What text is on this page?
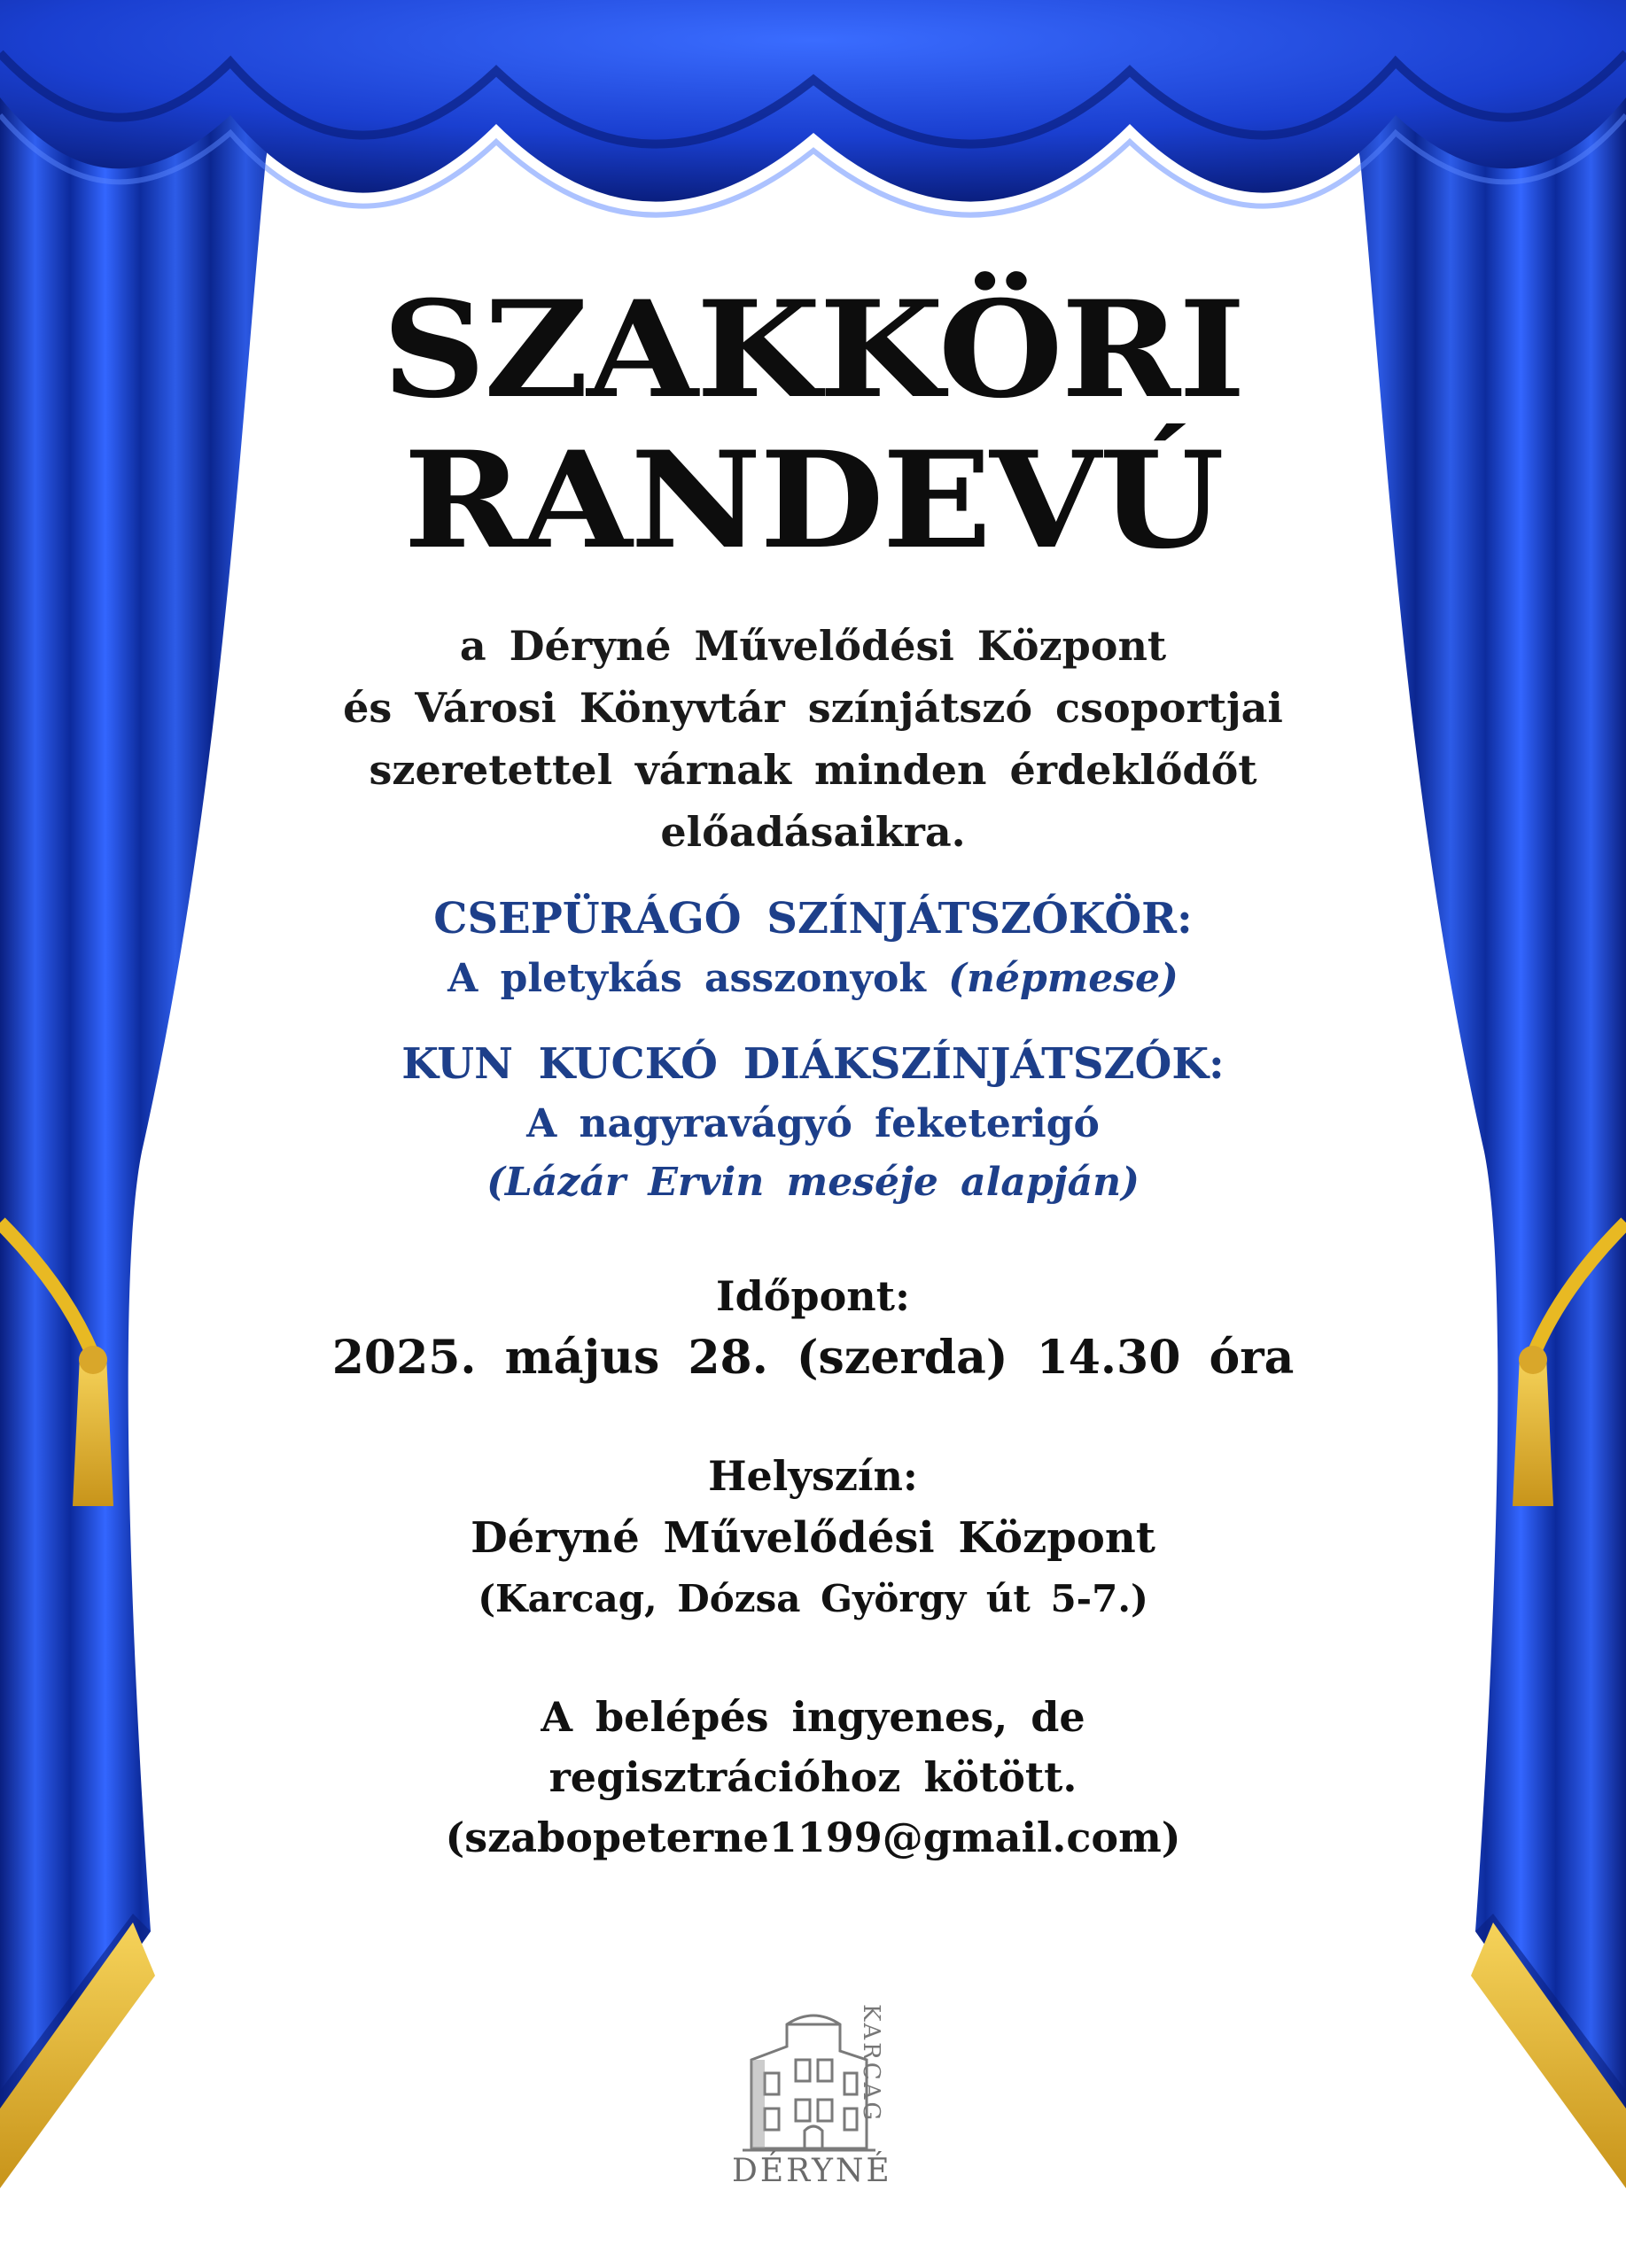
SZAKKÖRI
RANDEVÚ
a Déryné Művelődési Központ
és Városi Könyvtár színjátszó csoportjai
szeretettel várnak minden érdeklődőt
előadásaikra.
CSEPÜRÁGÓ SZÍNJÁTSZÓKÖR:
A pletykás asszonyok (népmese)
KUN KUCKÓ DIÁKSZÍNJÁTSZÓK:
A nagyravágyó feketerigó
(Lázár Ervin meséje alapján)
Időpont:
2025. május 28. (szerda) 14.30 óra
Helyszín:
Déryné Művelődési Központ
(Karcag, Dózsa György út 5-7.)
A belépés ingyenes, de
regisztrációhoz kötött.
(szabopeterne1199@gmail.com)
KARCAG
DÉRYNÉ
